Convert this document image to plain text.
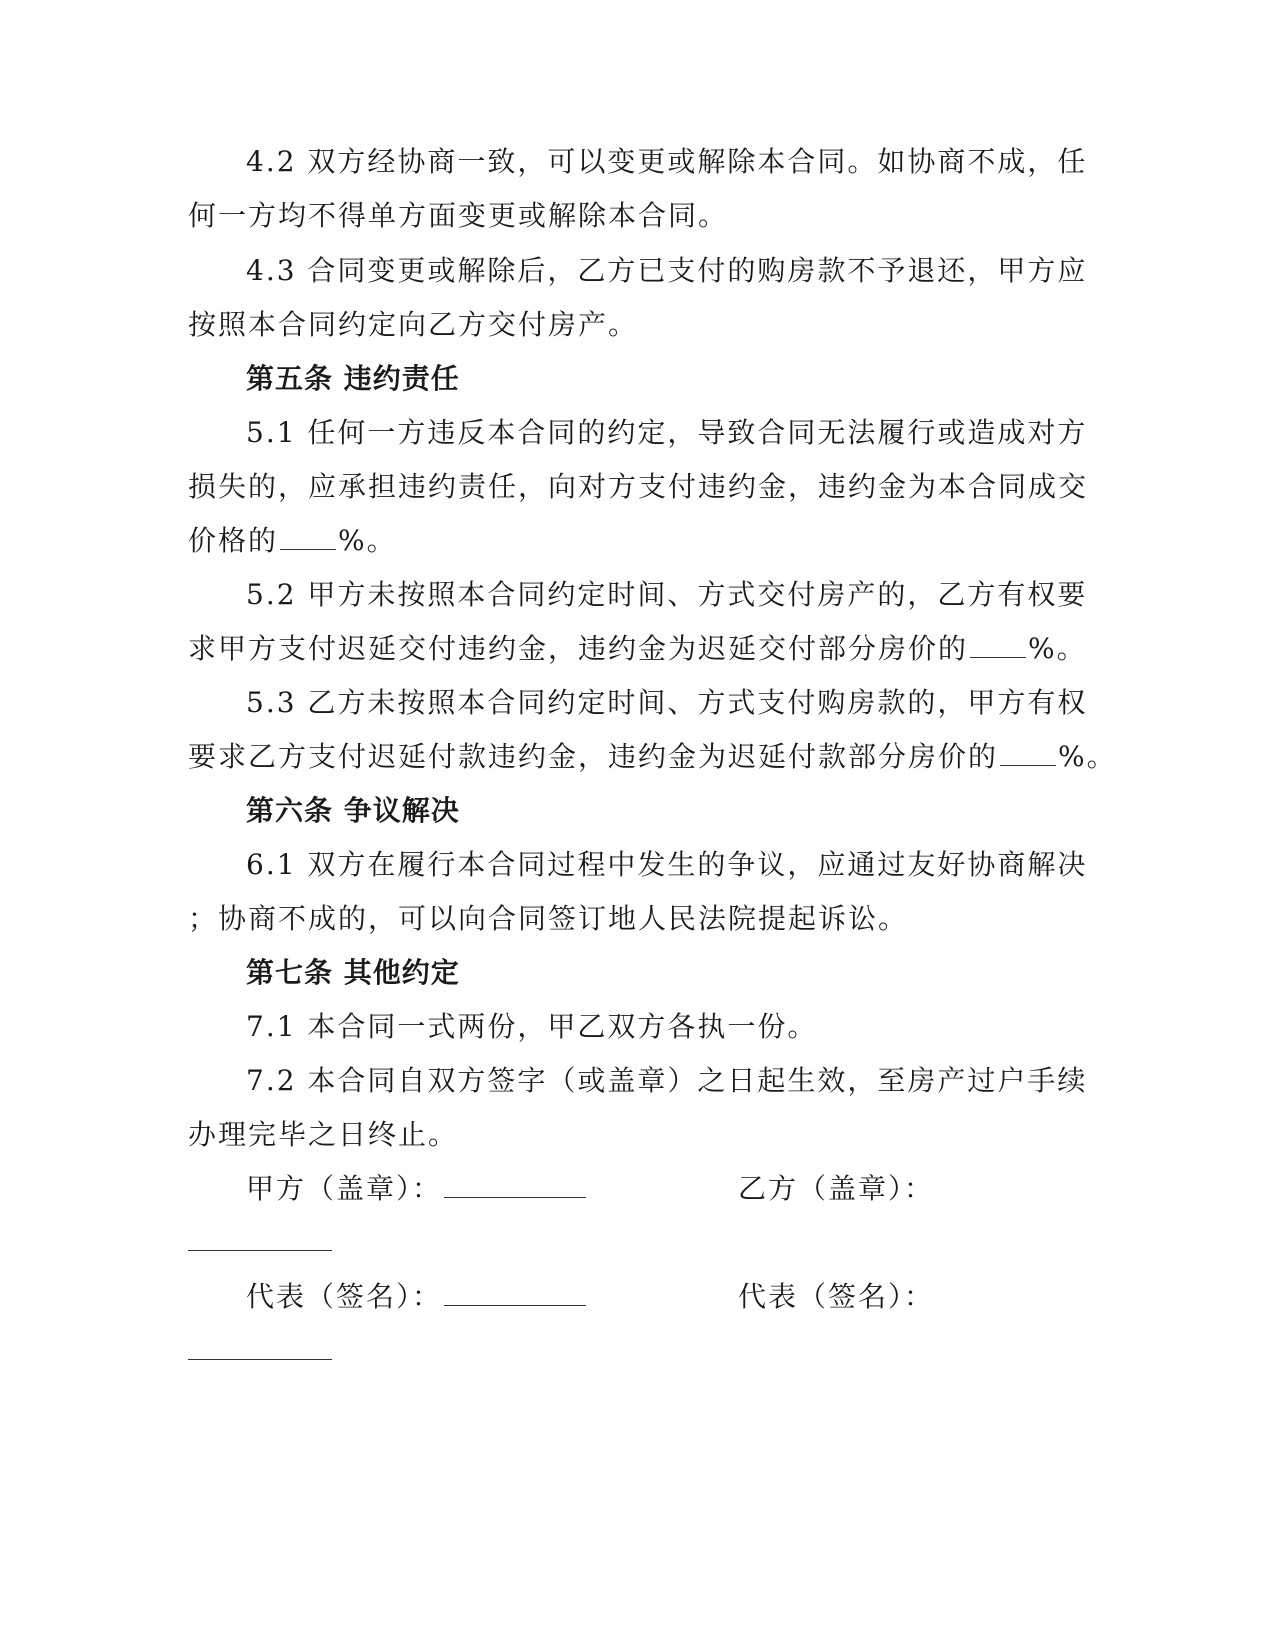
4.2 双方经协商一致，可以变更或解除本合同。如协商不成，任
何一方均不得单方面变更或解除本合同。
4.3 合同变更或解除后，乙方已支付的购房款不予退还，甲方应
按照本合同约定向乙方交付房产。
第五条 违约责任
5.1 任何一方违反本合同的约定，导致合同无法履行或造成对方
损失的，应承担违约责任，向对方支付违约金，违约金为本合同成交
价格的 %。
5.2 甲方未按照本合同约定时间、方式交付房产的，乙方有权要
求甲方支付迟延交付违约金，违约金为迟延交付部分房价的 %。
5.3 乙方未按照本合同约定时间、方式支付购房款的，甲方有权
要求乙方支付迟延付款违约金，违约金为迟延付款部分房价的 %。
第六条 争议解决
6.1 双方在履行本合同过程中发生的争议，应通过友好协商解决
；协商不成的，可以向合同签订地人民法院提起诉讼。
第七条 其他约定
7.1 本合同一式两份，甲乙双方各执一份。
7.2 本合同自双方签字（或盖章）之日起生效，至房产过户手续
办理完毕之日终止。
甲方（盖章）：	乙方（盖章）：
代表（签名）：	代表（签名）：
